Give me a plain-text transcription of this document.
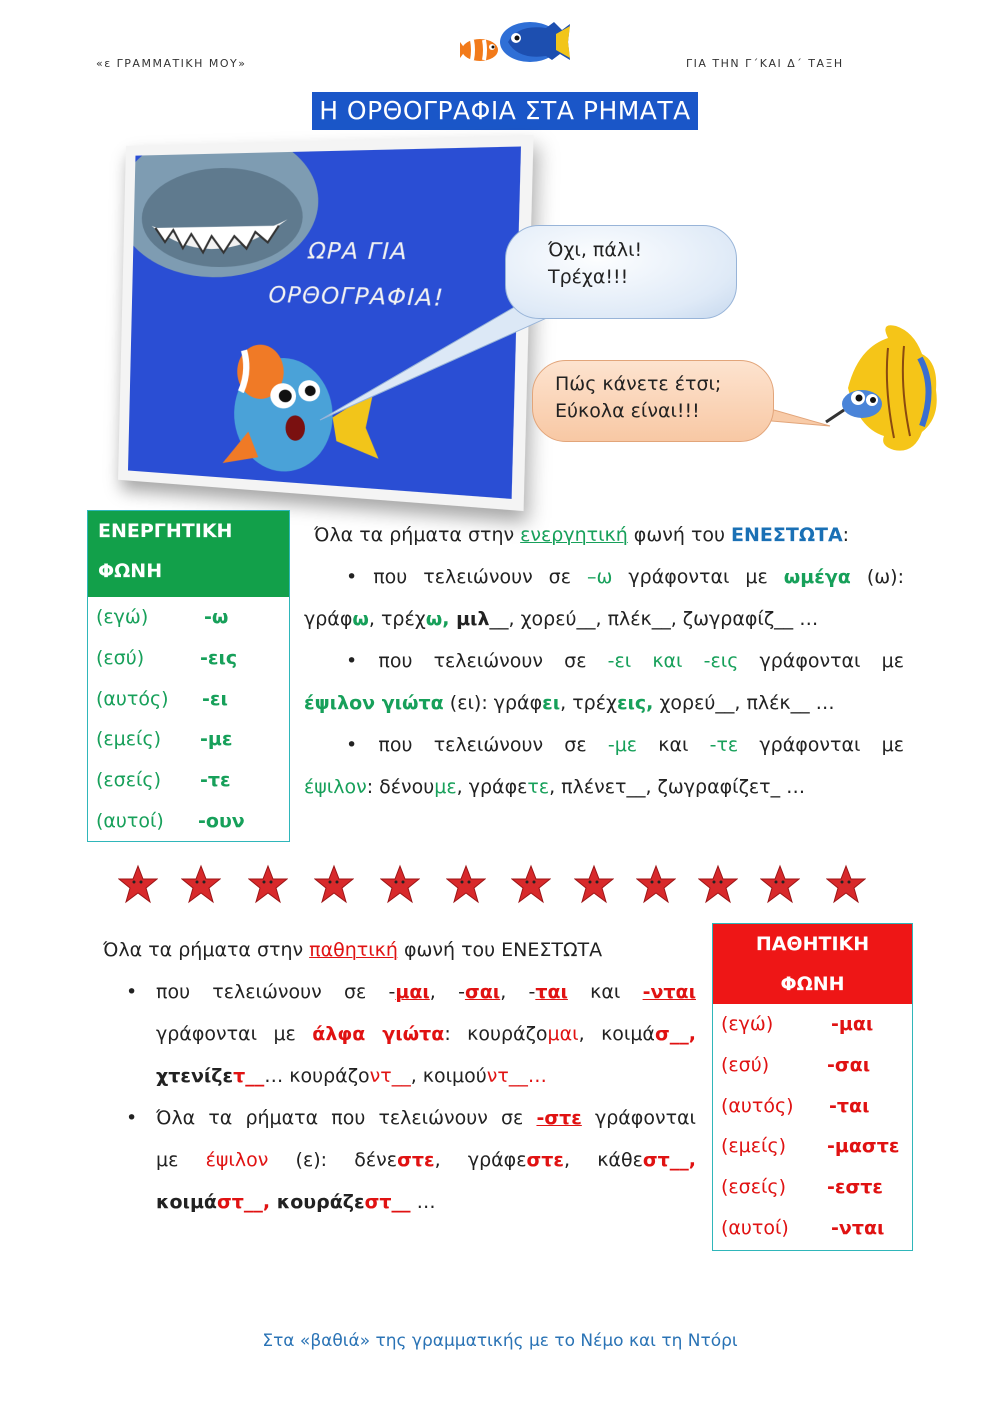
«ε ΓΡΑΜΜΑΤΙΚΗ ΜΟΥ»	ΓΙΑ ΤΗΝ Γ΄ΚΑΙ Δ΄ ΤΑΞΗ
Η ΟΡΘΟΓΡΑΦΙΑ ΣΤΑ ΡΗΜΑΤΑ
ΩΡΑ ΓΙΑ
ΟΡΘΟΓΡΑΦΙΑ!
Όχι, πάλι!
Τρέχα!!!
Πώς κάνετε έτσι;
Εύκολα είναι!!!
ΕΝΕΡΓΗΤΙΚΗ
ΦΩΝΗ
(εγώ)	-ω
(εσύ)	-εις
(αυτός) -ει
(εμείς) -με
(εσείς) -τε
(αυτοί) -ουν
Όλα τα ρήματα στην ενεργητική φωνή του ΕΝΕΣΤΩΤΑ:
• που τελειώνουν σε –ω γράφονται με ωμέγα (ω):
γράφω, τρέχω, μιλ__, χορεύ__, πλέκ__, ζωγραφίζ__ …
• που τελειώνουν σε -ει και -εις γράφονται με
έψιλον γιώτα (ει): γράφει, τρέχεις, χορεύ__, πλέκ__ …
• που τελειώνουν σε -με και -τε γράφονται με
έψιλον: δένουμε, γράφετε, πλένετ__, ζωγραφίζετ_ …
Όλα τα ρήματα στην παθητική φωνή του ΕΝΕΣΤΩΤΑ
• που τελειώνουν σε -μαι, -σαι, -ται και -νται
γράφονται με άλφα γιώτα: κουράζομαι, κοιμάσ__,
χτενίζετ__… κουράζοντ__, κοιμούντ__…
• Όλα τα ρήματα που τελειώνουν σε -στε γράφονται
με έψιλον (ε): δένεστε, γράφεστε, κάθεστ__,
κοιμάστ__, κουράζεστ__ …
ΠΑΘΗΤΙΚΗ
ΦΩΝΗ
(εγώ)	-μαι
(εσύ)	-σαι
(αυτός) -ται
(εμείς) -μαστε
(εσείς) -εστε
(αυτοί) -νται
Στα «βαθιά» της γραμματικής με το Νέμο και τη Ντόρι
